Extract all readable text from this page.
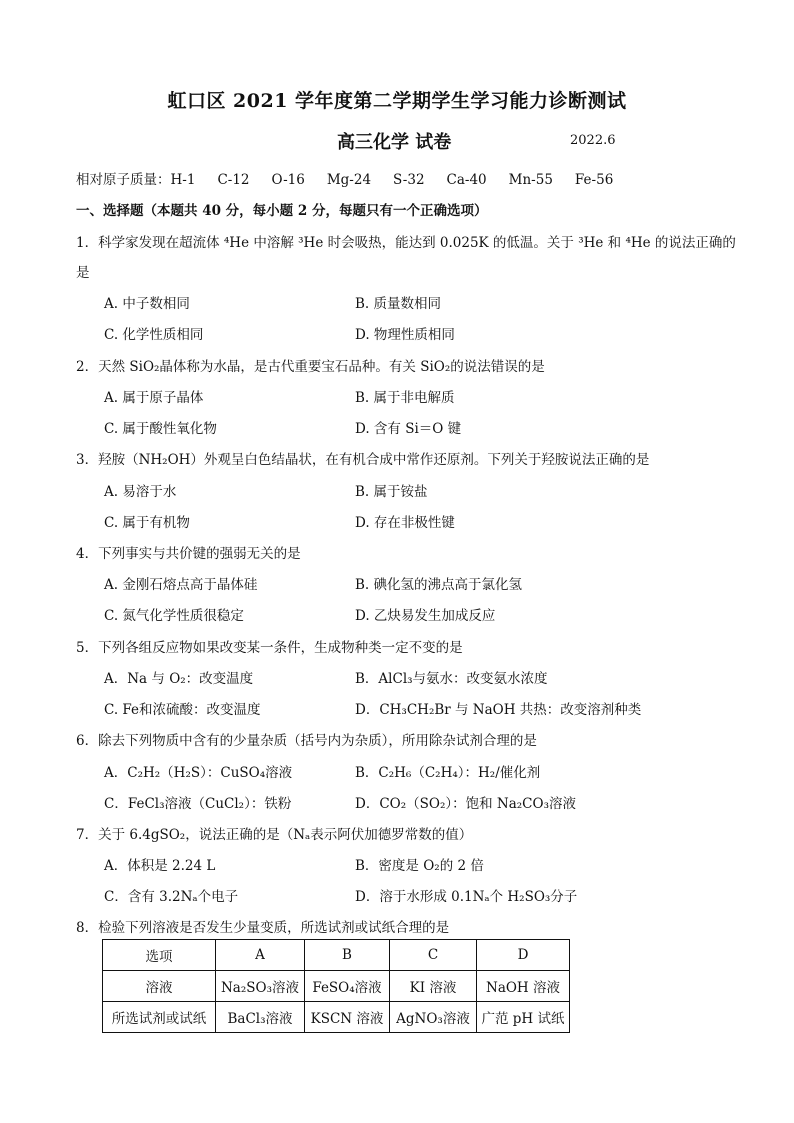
虹口区 2021 学年度第二学期学生学习能力诊断测试
高三化学 试卷	2022.6
相对原子质量：H-1 C-12 O-16 Mg-24 S-32 Ca-40 Mn-55 Fe-56
一、选择题（本题共 40 分，每小题 2 分，每题只有一个正确选项）
1．科学家发现在超流体 ⁴He 中溶解 ³He 时会吸热，能达到 0.025K 的低温。关于 ³He 和 ⁴He 的说法正确的
是
A. 中子数相同	B. 质量数相同
C. 化学性质相同	D. 物理性质相同
2．天然 SiO₂晶体称为水晶，是古代重要宝石品种。有关 SiO₂的说法错误的是
A. 属于原子晶体	B. 属于非电解质
C. 属于酸性氧化物	D. 含有 Si＝O 键
3．羟胺（NH₂OH）外观呈白色结晶状，在有机合成中常作还原剂。下列关于羟胺说法正确的是
A. 易溶于水	B. 属于铵盐
C. 属于有机物	D. 存在非极性键
4．下列事实与共价键的强弱无关的是
A. 金刚石熔点高于晶体硅	B. 碘化氢的沸点高于氯化氢
C. 氮气化学性质很稳定	D. 乙炔易发生加成反应
5．下列各组反应物如果改变某一条件，生成物种类一定不变的是
A．Na 与 O₂：改变温度	B．AlCl₃与氨水：改变氨水浓度
C. Fe和浓硫酸：改变温度	D．CH₃CH₂Br 与 NaOH 共热：改变溶剂种类
6．除去下列物质中含有的少量杂质（括号内为杂质），所用除杂试剂合理的是
A．C₂H₂（H₂S）：CuSO₄溶液	B．C₂H₆（C₂H₄）：H₂/催化剂
C．FeCl₃溶液（CuCl₂）：铁粉	D．CO₂（SO₂）：饱和 Na₂CO₃溶液
7．关于 6.4gSO₂，说法正确的是（Nₐ表示阿伏加德罗常数的值）
A．体积是 2.24 L	B．密度是 O₂的 2 倍
C．含有 3.2Nₐ个电子	D．溶于水形成 0.1Nₐ个 H₂SO₃分子
8．检验下列溶液是否发生少量变质，所选试剂或试纸合理的是
选项	A	B	C	D
溶液	Na₂SO₃溶液	FeSO₄溶液	KI 溶液	NaOH 溶液
所选试剂或试纸	BaCl₃溶液	KSCN 溶液	AgNO₃溶液	广范 pH 试纸
